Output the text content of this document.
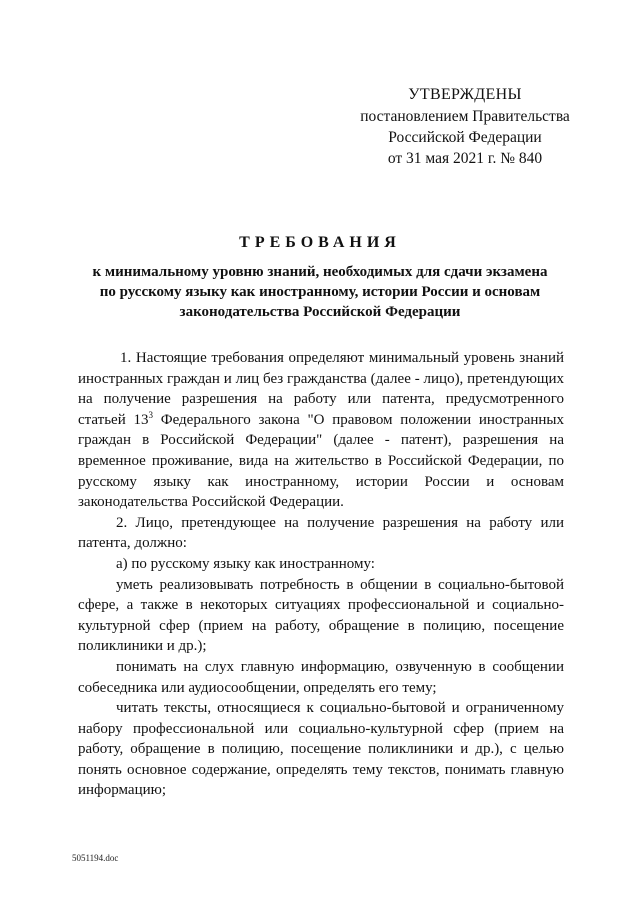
УТВЕРЖДЕНЫ
постановлением Правительства
Российской Федерации
от 31 мая 2021 г. № 840
ТРЕБОВАНИЯ
к минимальному уровню знаний, необходимых для сдачи экзамена
по русскому языку как иностранному, истории России и основам
законодательства Российской Федерации

1. Настоящие требования определяют минимальный уровень знаний иностранных граждан и лиц без гражданства (далее - лицо), претендующих на получение разрешения на работу или патента, предусмотренного статьей $13^3$ Федерального закона "О правовом положении иностранных граждан в Российской Федерации" (далее - патент), разрешения на временное проживание, вида на жительство в Российской Федерации, по русскому языку как иностранному, истории России и основам законодательства Российской Федерации.

2. Лицо, претендующее на получение разрешения на работу или патента, должно:

а) по русскому языку как иностранному:

уметь реализовывать потребность в общении в социально-бытовой сфере, а также в некоторых ситуациях профессиональной и социально-культурной сфер (прием на работу, обращение в полицию, посещение поликлиники и др.);

понимать на слух главную информацию, озвученную в сообщении собеседника или аудиосообщении, определять его тему;

читать тексты, относящиеся к социально-бытовой и ограниченному набору профессиональной или социально-культурной сфер (прием на работу, обращение в полицию, посещение поликлиники и др.), с целью понять основное содержание, определять тему текстов, понимать главную информацию;

5051194.doc
